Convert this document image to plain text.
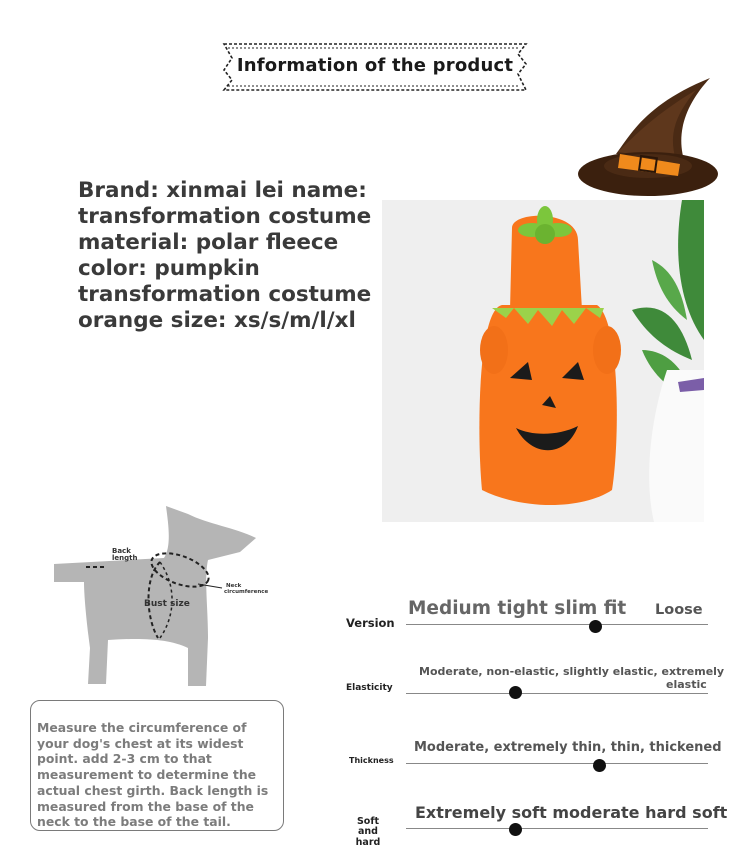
Information of the product
Brand: xinmai lei name:
transformation costume
material: polar fleece
color: pumpkin
transformation costume
orange size: xs/s/m/l/xl
Back
length
Neck
circumference
Bust size
Measure the circumference of your dog's chest at its widest point. add 2-3 cm to that measurement to determine the actual chest girth. Back length is measured from the base of the neck to the base of the tail.
Version
Medium tight slim fit Loose
Elasticity
Moderate, non-elastic, slightly elastic, extremely
elastic
Thickness
Moderate, extremely thin, thin, thickened
Soft and
hard
Extremely soft moderate hard soft
